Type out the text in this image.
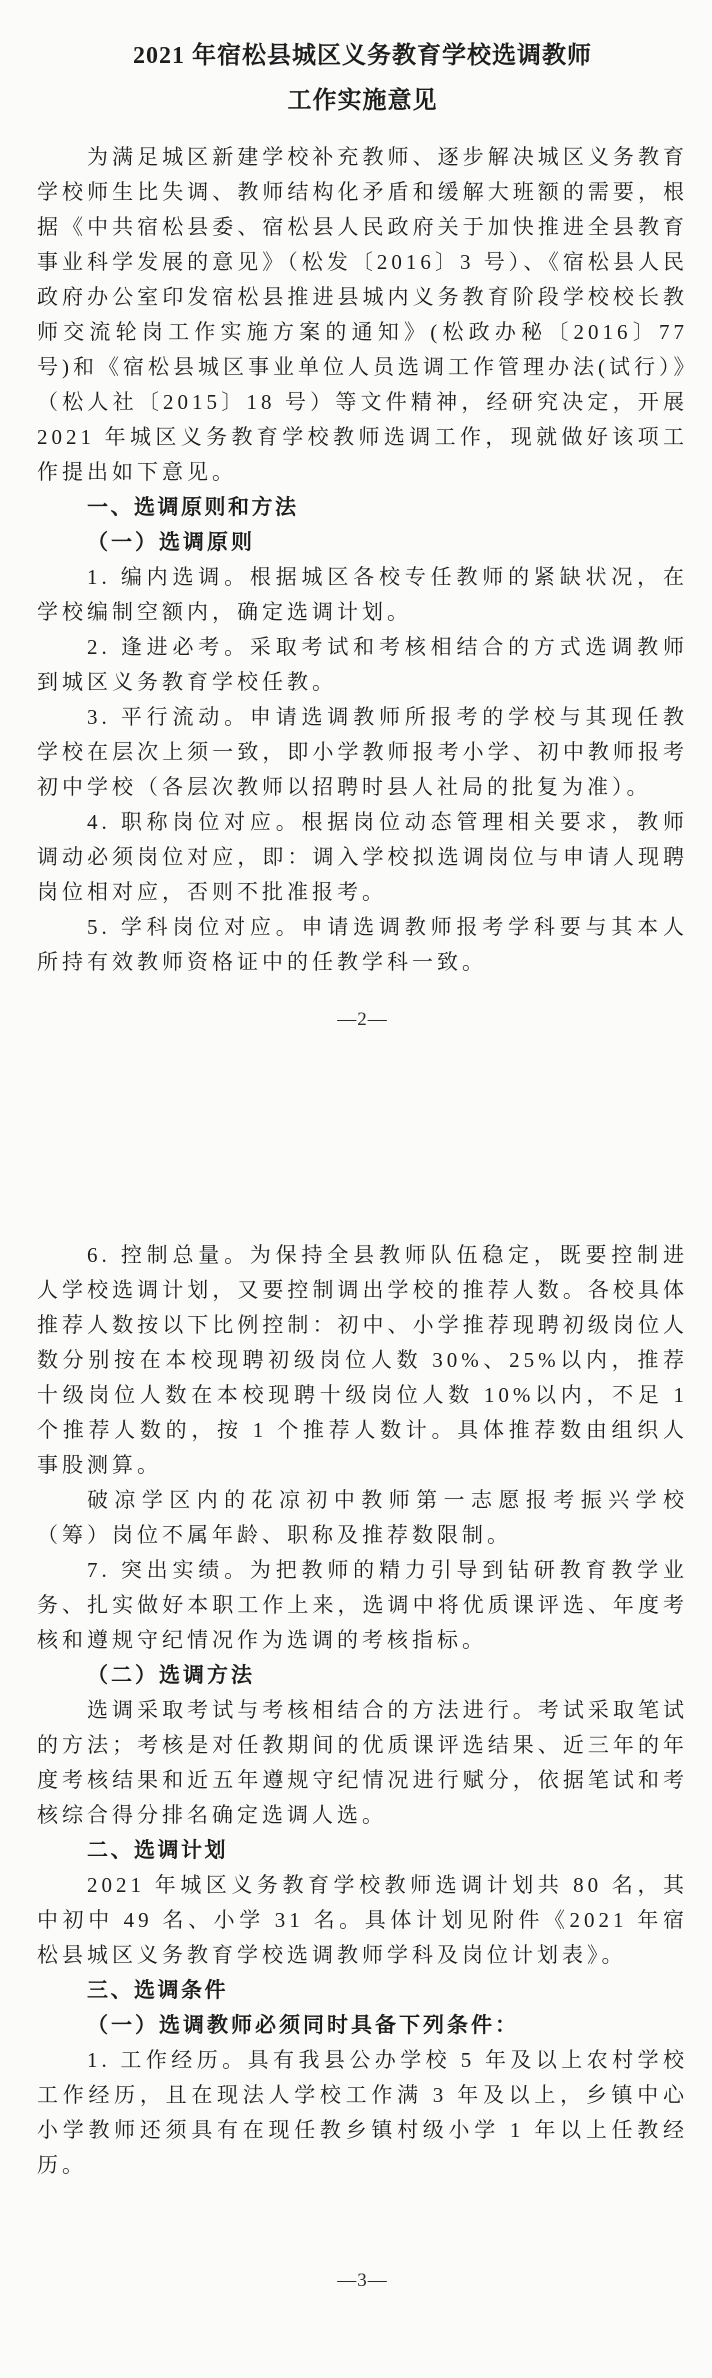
2021 年宿松县城区义务教育学校选调教师
工作实施意见
为满足城区新建学校补充教师、逐步解决城区义务教育学校师生比失调、教师结构化矛盾和缓解大班额的需要，根据《中共宿松县委、宿松县人民政府关于加快推进全县教育事业科学发展的意见》（松发〔2016〕3 号）、《宿松县人民政府办公室印发宿松县推进县城内义务教育阶段学校校长教师交流轮岗工作实施方案的通知》(松政办秘〔2016〕77 号)和《宿松县城区事业单位人员选调工作管理办法(试行）》（松人社〔2015〕18 号）等文件精神，经研究决定，开展 2021 年城区义务教育学校教师选调工作，现就做好该项工作提出如下意见。
一、选调原则和方法
（一）选调原则
1. 编内选调。根据城区各校专任教师的紧缺状况，在学校编制空额内，确定选调计划。
2. 逢进必考。采取考试和考核相结合的方式选调教师到城区义务教育学校任教。
3. 平行流动。申请选调教师所报考的学校与其现任教学校在层次上须一致，即小学教师报考小学、初中教师报考初中学校（各层次教师以招聘时县人社局的批复为准）。
4. 职称岗位对应。根据岗位动态管理相关要求，教师调动必须岗位对应，即：调入学校拟选调岗位与申请人现聘岗位相对应，否则不批准报考。
5. 学科岗位对应。申请选调教师报考学科要与其本人所持有效教师资格证中的任教学科一致。
—2—
6. 控制总量。为保持全县教师队伍稳定，既要控制进人学校选调计划，又要控制调出学校的推荐人数。各校具体推荐人数按以下比例控制：初中、小学推荐现聘初级岗位人数分别按在本校现聘初级岗位人数 30%、25%以内，推荐十级岗位人数在本校现聘十级岗位人数 10%以内，不足 1 个推荐人数的，按 1 个推荐人数计。具体推荐数由组织人事股测算。
破凉学区内的花凉初中教师第一志愿报考振兴学校（筹）岗位不属年龄、职称及推荐数限制。
7. 突出实绩。为把教师的精力引导到钻研教育教学业务、扎实做好本职工作上来，选调中将优质课评选、年度考核和遵规守纪情况作为选调的考核指标。
（二）选调方法
选调采取考试与考核相结合的方法进行。考试采取笔试的方法；考核是对任教期间的优质课评选结果、近三年的年度考核结果和近五年遵规守纪情况进行赋分，依据笔试和考核综合得分排名确定选调人选。
二、选调计划
2021 年城区义务教育学校教师选调计划共 80 名，其中初中 49 名、小学 31 名。具体计划见附件《2021 年宿松县城区义务教育学校选调教师学科及岗位计划表》。
三、选调条件
（一）选调教师必须同时具备下列条件：
1. 工作经历。具有我县公办学校 5 年及以上农村学校工作经历，且在现法人学校工作满 3 年及以上，乡镇中心小学教师还须具有在现任教乡镇村级小学 1 年以上任教经历。
—3—
